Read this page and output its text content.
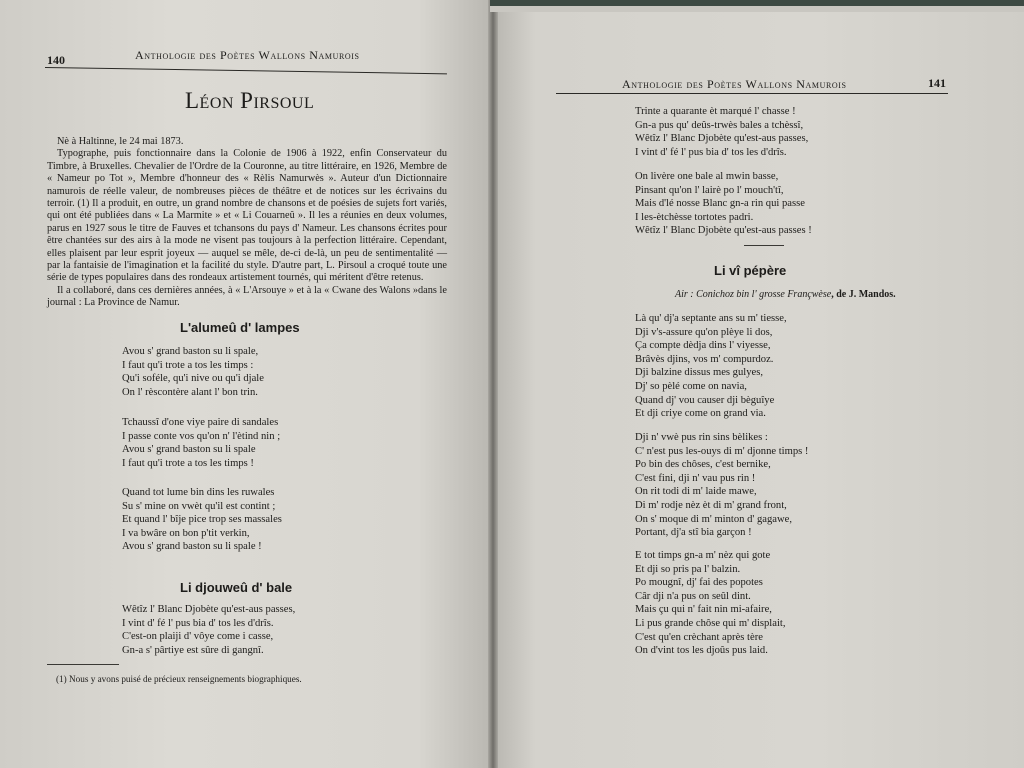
140	Anthologie des Poètes Wallons Namurois
Léon Pirsoul

Nè à Haltinne, le 24 mai 1873.

Typographe, puis fonctionnaire dans la Colonie de 1906 à 1922, enfin Conservateur du Timbre, à Bruxelles. Chevalier de l'Ordre de la Couronne, au titre littéraire, en 1926, Membre de « Nameur po Tot », Membre d'honneur des « Rèlis Namurwès ». Auteur d'un Dictionnaire namurois de réelle valeur, de nombreuses pièces de théâtre et de notices sur les écrivains du terroir. (1) Il a produit, en outre, un grand nombre de chansons et de poésies de sujets fort variés, qui ont été publiées dans « La Marmite » et « Li Couarneû ». Il les a réunies en deux volumes, parus en 1927 sous le titre de Fauves et tchansons du pays d' Nameur. Les chansons écrites pour être chantées sur des airs à la mode ne visent pas toujours à la perfection littéraire. Cependant, elles plaisent par leur esprit joyeux — auquel se mêle, de-ci de-là, un peu de sentimentalité — par la fantaisie de l'imagination et la facilité du style. D'autre part, L. Pirsoul a croqué toute une série de types populaires dans des rondeaux artistement tournés, qui méritent d'être retenus.

Il a collaboré, dans ces dernières années, à « L'Arsouye » et à la « Cwane des Walons »dans le journal : La Province de Namur.

L'alumeû d' lampes
Avou s' grand baston su li spale,
I faut qu'i trote a tos les timps :
Qu'i soféle, qu'i nive ou qu'i djale
On l' rèscontère alant l' bon trin.
Tchaussî d'one viye paire di sandales
I passe conte vos qu'on n' l'ètind nin ;
Avou s' grand baston su li spale
I faut qu'i trote a tos les timps !
Quand tot lume bin dins les ruwales
Su s' mine on vwèt qu'il est contint ;
Et quand l' bîje pice trop ses massales
I va bwâre on bon p'tit verkin,
Avou s' grand baston su li spale !
Li djouweû d' bale
Wêtîz l' Blanc Djobète qu'est-aus passes,
I vint d' fé l' pus bia d' tos les d'drîs.
C'est-on plaiji d' vôye come i casse,
Gn-a s' pârtiye est sûre di gangnî.
(1) Nous y avons puisé de précieux renseignements biographiques.
Anthologie des Poètes Wallons Namurois	141
Trinte a quarante èt marqué l' chasse !
Gn-a pus qu' deûs-trwès bales a tchèssî,
Wêtîz l' Blanc Djobète qu'est-aus passes,
I vint d' fé l' pus bia d' tos les d'drîs.
On livère one bale al mwin basse,
Pinsant qu'on l' lairè po l' mouch'tî,
Mais d'lé nosse Blanc gn-a rin qui passe
I les-ètchèsse tortotes padri.
Wêtîz l' Blanc Djobète qu'est-aus passes !
Li vî pépère
Air : Conichoz bin l' grosse Françwèse, de J. Mandos.
Là qu' dj'a septante ans su m' tiesse,
Dji v's-assure qu'on plèye li dos,
Ça compte dèdja dins l' viyesse,
Brâvès djins, vos m' compurdoz.
Dji balzine dissus mes gulyes,
Dj' so pèlé come on navia,
Quand dj' vou causer dji bèguîye
Et dji criye come on grand via.
Dji n' vwè pus rin sins bèlikes :
C' n'est pus les-ouys di m' djonne timps !
Po bin des chôses, c'est bernike,
C'est fini, dji n' vau pus rin !
On rit todi di m' laide mawe,
Di m' rodje nèz èt di m' grand front,
On s' moque di m' minton d' gagawe,
Portant, dj'a stî bia garçon !
E tot timps gn-a m' nèz qui gote
Et dji so pris pa l' balzin.
Po mougnî, dj' fai des popotes
Câr dji n'a pus on seûl dint.
Mais çu qui n' fait nin mi-afaire,
Li pus grande chôse qui m' displait,
C'est qu'en crèchant après tère
On d'vint tos les djoûs pus laid.
